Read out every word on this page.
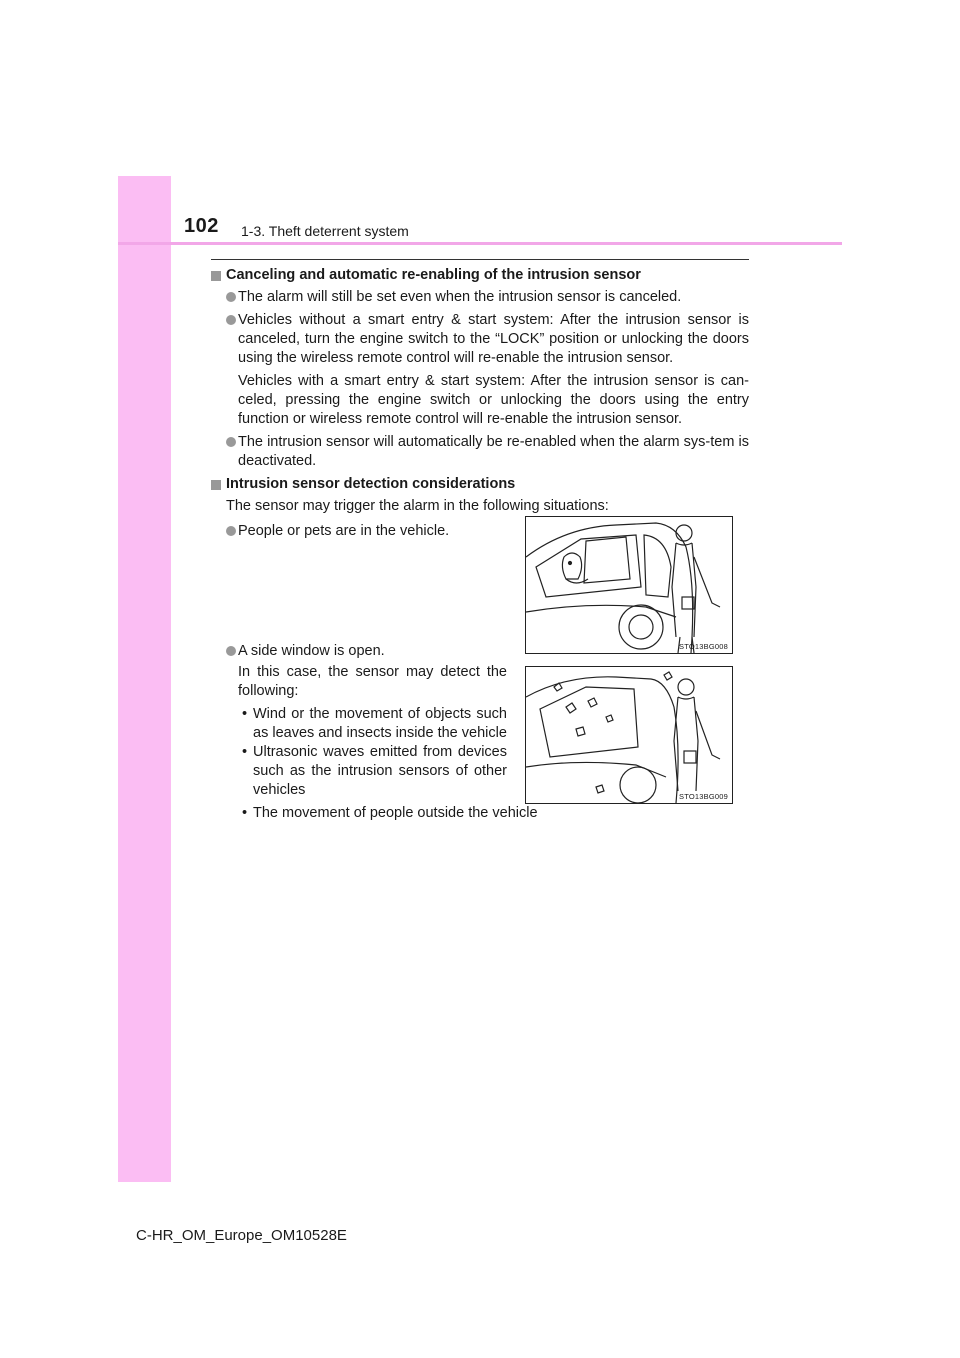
102 1-3. Theft deterrent system
Canceling and automatic re-enabling of the intrusion sensor
The alarm will still be set even when the intrusion sensor is canceled.
Vehicles without a smart entry & start system: After the intrusion sensor is canceled, turn the engine switch to the “LOCK” position or unlocking the doors using the wireless remote control will re-enable the intrusion sensor.
Vehicles with a smart entry & start system: After the intrusion sensor is can-celed, pressing the engine switch or unlocking the doors using the entry function or wireless remote control will re-enable the intrusion sensor.
The intrusion sensor will automatically be re-enabled when the alarm sys-tem is deactivated.
Intrusion sensor detection considerations
The sensor may trigger the alarm in the following situations:
People or pets are in the vehicle.
A side window is open.
In this case, the sensor may detect the following:
• Wind or the movement of objects such as leaves and insects inside the vehicle
• Ultrasonic waves emitted from devices such as the intrusion sensors of other vehicles
• The movement of people outside the vehicle
STO13BG008
STO13BG009
C-HR_OM_Europe_OM10528E
